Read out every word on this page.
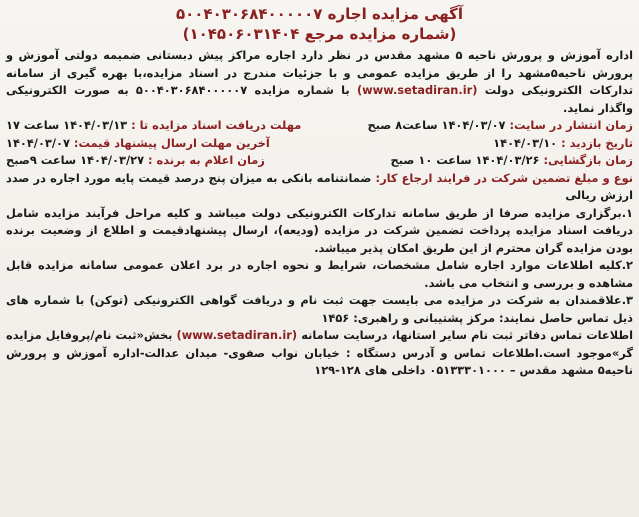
آگهی مزایده اجاره ۵۰۰۴۰۳۰۶۸۴۰۰۰۰۰۷
(شماره مزایده مرجع ۱۰۴۵۰۶۰۳۱۴۰۴)

اداره آموزش و پرورش ناحیه ۵ مشهد مقدس در نظر دارد اجاره مراکز پیش دبستانی ضمیمه دولتی آموزش و پرورش ناحیه۵مشهد را از طریق مزایده عمومی و با جزئیات مندرج در اسناد مزایده،با بهره گیری از سامانه تدارکات الکترونیکی دولت (www.setadiran.ir) با شماره مزایده ۵۰۰۴۰۳۰۶۸۴۰۰۰۰۰۷ به صورت الکترونیکی واگذار نماید.

زمان انتشار در سایت: ۱۴۰۴/۰۳/۰۷ ساعت۸ صبح
مهلت دریافت اسناد مزایده تا : ۱۴۰۴/۰۳/۱۳ ساعت ۱۷
تاریخ بازدید : ۱۴۰۴/۰۳/۱۰
آخرین مهلت ارسال پیشنهاد قیمت: ۱۴۰۴/۰۳/۰۷
زمان بازگشایی: ۱۴۰۴/۰۳/۲۶ ساعت ۱۰ صبح
زمان اعلام به برنده : ۱۴۰۴/۰۳/۲۷ ساعت ۹صبح

نوع و مبلغ تضمین شرکت در فرایند ارجاع کار: ضمانتنامه بانکی به میزان پنج درصد قیمت پایه مورد اجاره در صدد ارزش ریالی

۱.برگزاری مزایده صرفا از طریق سامانه تدارکات الکترونیکی دولت میباشد و کلیه مراحل فرآیند مزایده شامل دریافت اسناد مزایده پرداخت تضمین شرکت در مزایده (ودیعه)، ارسال پیشنهادقیمت و اطلاع از وضعیت برنده بودن مزایده گران محترم از این طریق امکان پذیر میباشد.

۲.کلیه اطلاعات موارد اجاره شامل مشخصات، شرایط و نحوه اجاره در برد اعلان عمومی سامانه مزایده قابل مشاهده و بررسی و انتخاب می باشد.

۳.علاقمندان به شرکت در مزایده می بایست جهت ثبت نام و دریافت گواهی الکترونیکی (توکن) با شماره های ذیل تماس حاصل نمایند: مرکز پشتیبانی و راهبری: ۱۴۵۶

اطلاعات تماس دفاتر ثبت نام سایر استانها، درسایت سامانه (www.setadiran.ir) بخش«ثبت نام/پروفایل مزایده گر»موجود است.اطلاعات تماس و آدرس دستگاه : خیابان نواب صفوی- میدان عدالت-اداره آموزش و پرورش ناحیه۵ مشهد مقدس – ۰۵۱۳۳۳۰۱۰۰۰ داخلی های ۱۲۸-۱۲۹
